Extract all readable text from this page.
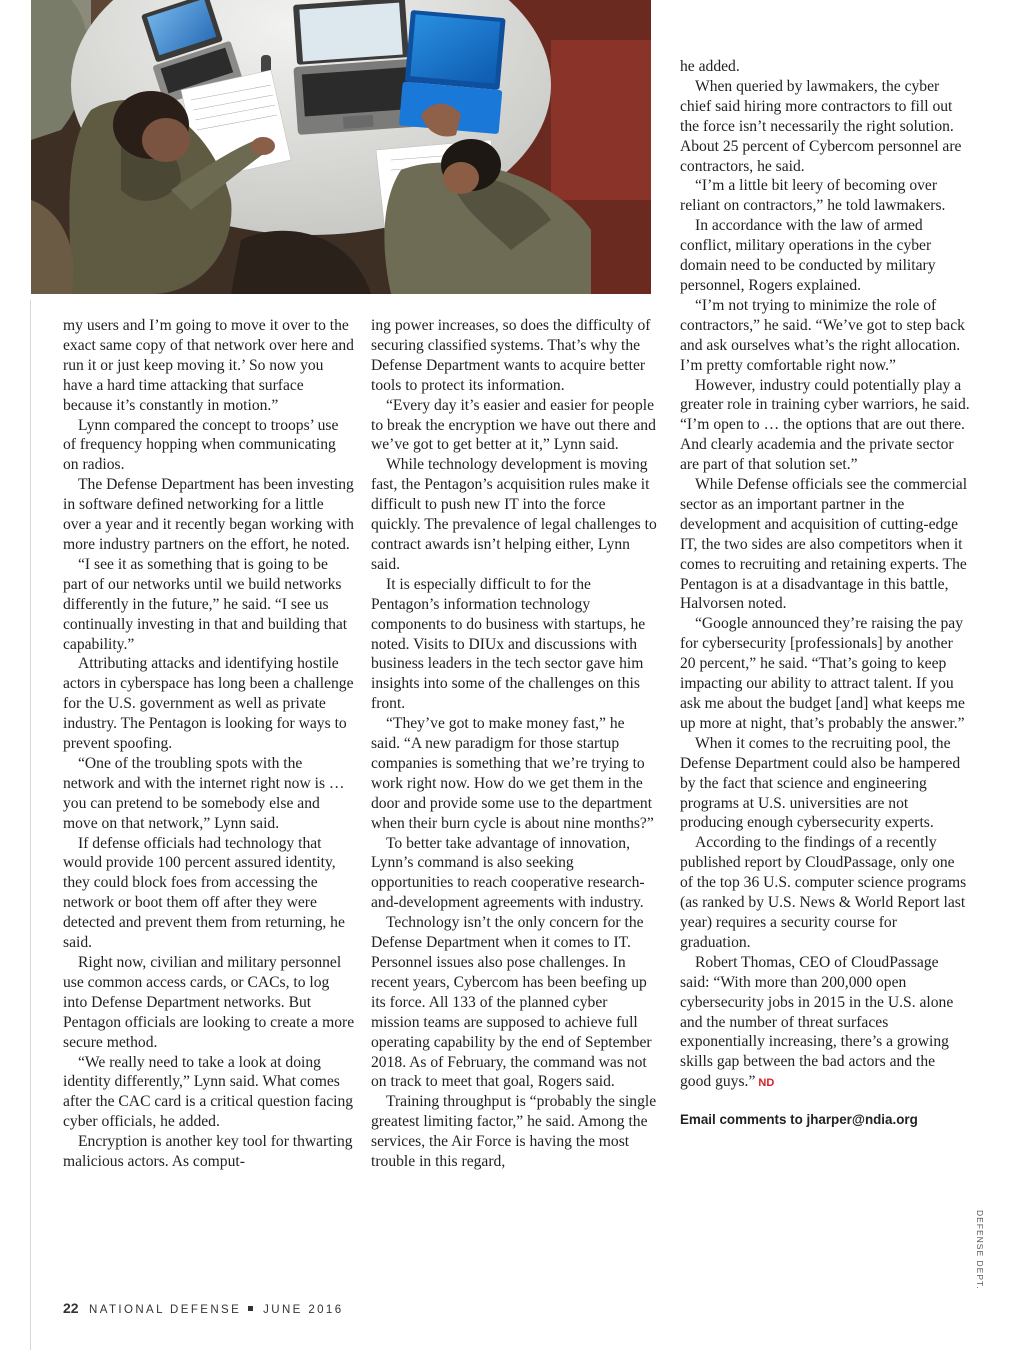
my users and I’m going to move it over to the exact same copy of that network over here and run it or just keep moving it.’ So now you have a hard time attacking that surface because it’s constantly in motion.”

Lynn compared the concept to troops’ use of frequency hopping when communicating on radios.

The Defense Department has been investing in software defined networking for a little over a year and it recently began working with more industry partners on the effort, he noted.

“I see it as something that is going to be part of our networks until we build networks differently in the future,” he said. “I see us continually investing in that and building that capability.”

Attributing attacks and identifying hostile actors in cyberspace has long been a challenge for the U.S. government as well as private industry. The Pentagon is looking for ways to prevent spoofing.

“One of the troubling spots with the network and with the internet right now is … you can pretend to be somebody else and move on that network,” Lynn said.

If defense officials had technology that would provide 100 percent assured identity, they could block foes from accessing the network or boot them off after they were detected and prevent them from returning, he said.

Right now, civilian and military personnel use common access cards, or CACs, to log into Defense Department networks. But Pentagon officials are looking to create a more secure method.

“We really need to take a look at doing identity differently,” Lynn said. What comes after the CAC card is a critical question facing cyber officials, he added.

Encryption is another key tool for thwarting malicious actors. As comput-

ing power increases, so does the difficulty of securing classified systems. That’s why the Defense Department wants to acquire better tools to protect its information.

“Every day it’s easier and easier for people to break the encryption we have out there and we’ve got to get better at it,” Lynn said.

While technology development is moving fast, the Pentagon’s acquisition rules make it difficult to push new IT into the force quickly. The prevalence of legal challenges to contract awards isn’t helping either, Lynn said.

It is especially difficult to for the Pentagon’s information technology components to do business with startups, he noted. Visits to DIUx and discussions with business leaders in the tech sector gave him insights into some of the challenges on this front.

“They’ve got to make money fast,” he said. “A new paradigm for those startup companies is something that we’re trying to work right now. How do we get them in the door and provide some use to the department when their burn cycle is about nine months?”

To better take advantage of innovation, Lynn’s command is also seeking opportunities to reach cooperative research-and-development agreements with industry.

Technology isn’t the only concern for the Defense Department when it comes to IT. Personnel issues also pose challenges. In recent years, Cybercom has been beefing up its force. All 133 of the planned cyber mission teams are supposed to achieve full operating capability by the end of September 2018. As of February, the command was not on track to meet that goal, Rogers said.

Training throughput is “probably the single greatest limiting factor,” he said. Among the services, the Air Force is having the most trouble in this regard,

he added.

When queried by lawmakers, the cyber chief said hiring more contractors to fill out the force isn’t necessarily the right solution. About 25 percent of Cybercom personnel are contractors, he said.

“I’m a little bit leery of becoming over reliant on contractors,” he told lawmakers.

In accordance with the law of armed conflict, military operations in the cyber domain need to be conducted by military personnel, Rogers explained.

“I’m not trying to minimize the role of contractors,” he said. “We’ve got to step back and ask ourselves what’s the right allocation. I’m pretty comfortable right now.”

However, industry could potentially play a greater role in training cyber warriors, he said. “I’m open to … the options that are out there. And clearly academia and the private sector are part of that solution set.”

While Defense officials see the commercial sector as an important partner in the development and acquisition of cutting-edge IT, the two sides are also competitors when it comes to recruiting and retaining experts. The Pentagon is at a disadvantage in this battle, Halvorsen noted.

“Google announced they’re raising the pay for cybersecurity [professionals] by another 20 percent,” he said. “That’s going to keep impacting our ability to attract talent. If you ask me about the budget [and] what keeps me up more at night, that’s probably the answer.”

When it comes to the recruiting pool, the Defense Department could also be hampered by the fact that science and engineering programs at U.S. universities are not producing enough cybersecurity experts.

According to the findings of a recently published report by CloudPassage, only one of the top 36 U.S. computer science programs (as ranked by U.S. News & World Report last year) requires a security course for graduation.

Robert Thomas, CEO of CloudPassage said: “With more than 200,000 open cybersecurity jobs in 2015 in the U.S. alone and the number of threat surfaces exponentially increasing, there’s a growing skills gap between the bad actors and the good guys.” ND

Email comments to jharper@ndia.org

22 NATIONAL DEFENSE JUNE 2016
DEFENSE DEPT.
